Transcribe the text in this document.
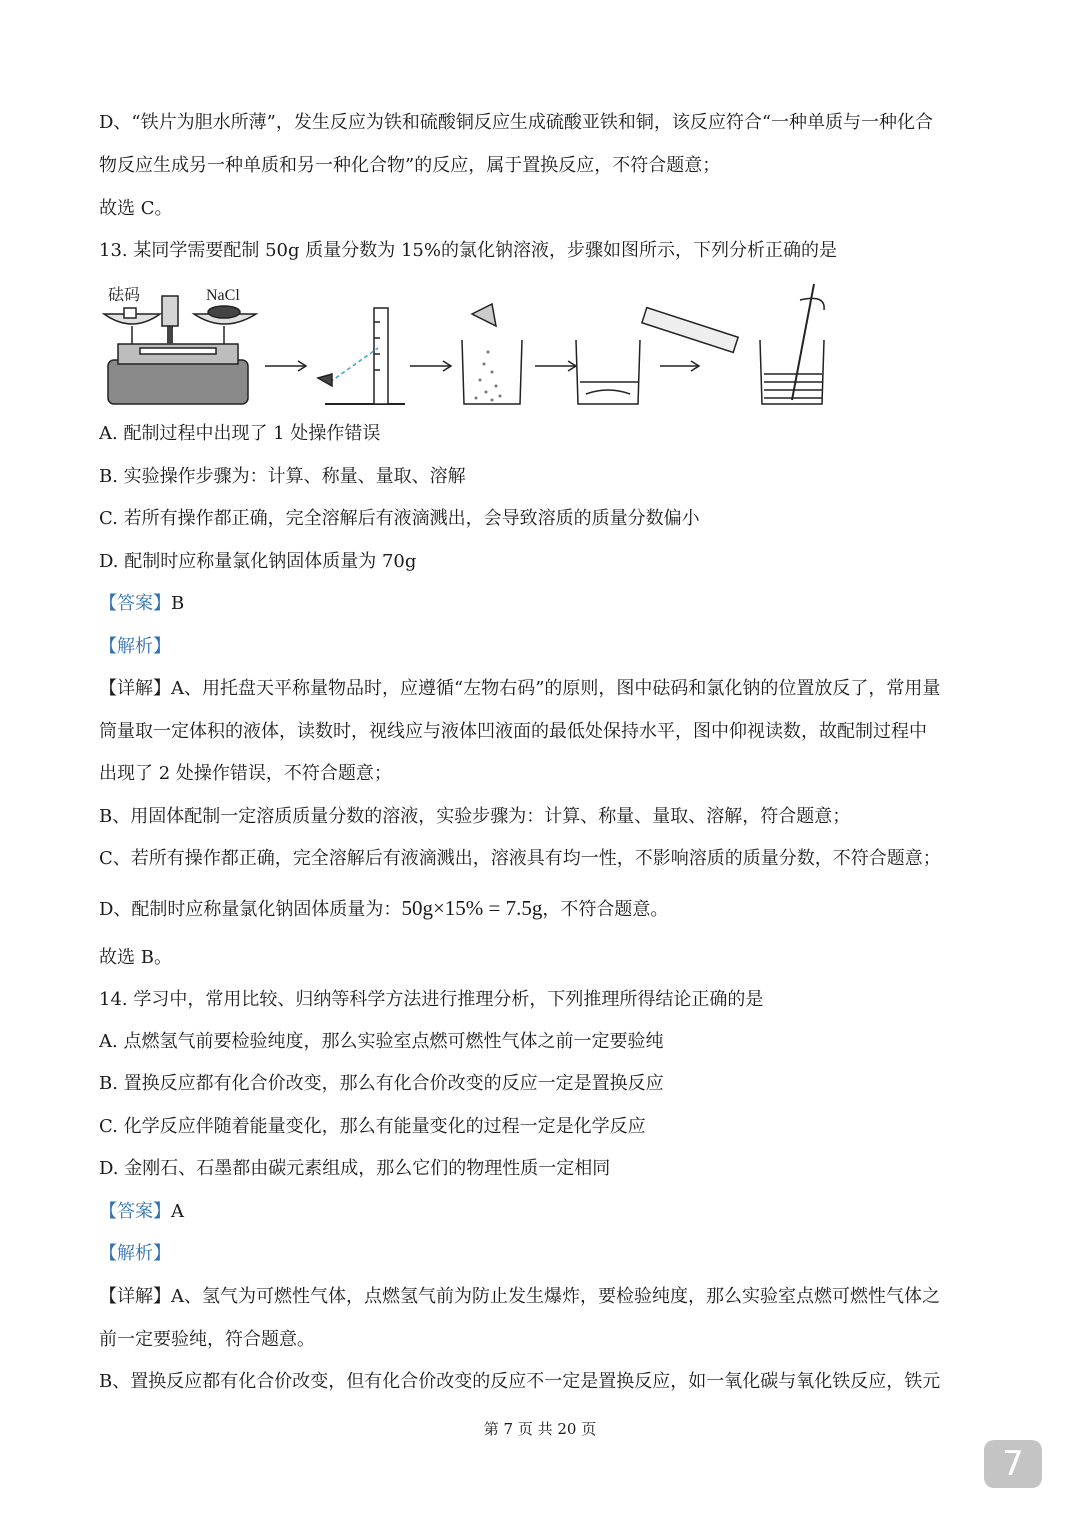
D、“铁片为胆水所薄”，发生反应为铁和硫酸铜反应生成硫酸亚铁和铜，该反应符合“一种单质与一种化合
物反应生成另一种单质和另一种化合物”的反应，属于置换反应，不符合题意；
故选 C。
13. 某同学需要配制 50g 质量分数为 15%的氯化钠溶液，步骤如图所示，下列分析正确的是
砝码	NaCl
A. 配制过程中出现了 1 处操作错误
B. 实验操作步骤为：计算、称量、量取、溶解
C. 若所有操作都正确，完全溶解后有液滴溅出，会导致溶质的质量分数偏小
D. 配制时应称量氯化钠固体质量为 70g
【答案】B
【解析】
【详解】A、用托盘天平称量物品时，应遵循“左物右码”的原则，图中砝码和氯化钠的位置放反了，常用量
筒量取一定体积的液体，读数时，视线应与液体凹液面的最低处保持水平，图中仰视读数，故配制过程中
出现了 2 处操作错误，不符合题意；
B、用固体配制一定溶质质量分数的溶液，实验步骤为：计算、称量、量取、溶解，符合题意；
C、若所有操作都正确，完全溶解后有液滴溅出，溶液具有均一性，不影响溶质的质量分数，不符合题意；
D、配制时应称量氯化钠固体质量为：50g×15% = 7.5g，不符合题意。
故选 B。
14. 学习中，常用比较、归纳等科学方法进行推理分析，下列推理所得结论正确的是
A. 点燃氢气前要检验纯度，那么实验室点燃可燃性气体之前一定要验纯
B. 置换反应都有化合价改变，那么有化合价改变的反应一定是置换反应
C. 化学反应伴随着能量变化，那么有能量变化的过程一定是化学反应
D. 金刚石、石墨都由碳元素组成，那么它们的物理性质一定相同
【答案】A
【解析】
【详解】A、氢气为可燃性气体，点燃氢气前为防止发生爆炸，要检验纯度，那么实验室点燃可燃性气体之
前一定要验纯，符合题意。
B、置换反应都有化合价改变，但有化合价改变的反应不一定是置换反应，如一氧化碳与氧化铁反应，铁元
第 7 页 共 20 页
7
